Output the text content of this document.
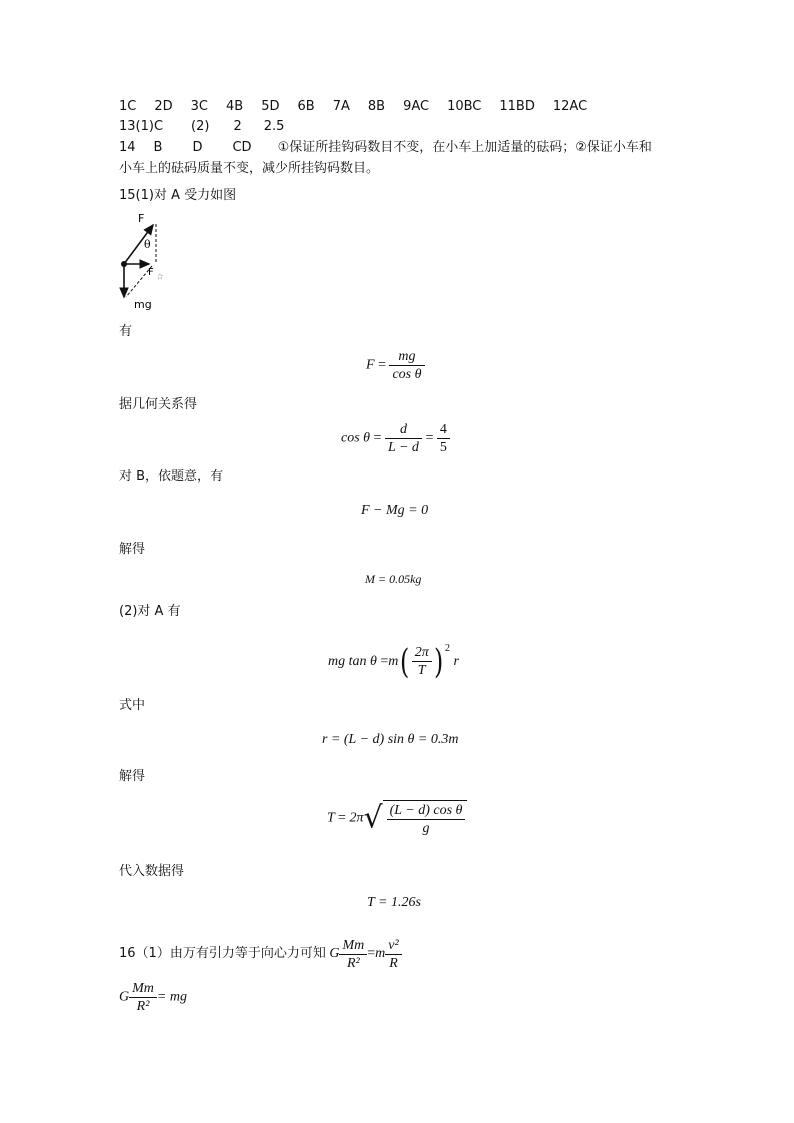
1C 2D 3C 4B 5D 6B 7A 8B 9AC 10BC 11BD 12AC
13(1)C (2) 2 2.5
14 B D CD ①保证所挂钩码数目不变，在小车上加适量的砝码；②保证小车和
小车上的砝码质量不变，减少所挂钩码数目。
15(1)对 A 受力如图
F
θ
F 合
mg
有
$F = \frac{mg}{\text{cos θ}}$
据几何关系得
$\cos \theta = \frac{d}{L - d} = \frac{4}{5}$
对 B，依题意，有
F − Mg = 0
解得
M = 0.05kg
(2)对 A 有
mg $\tan \theta =m( \frac{2\pi}{T}$ ) $^2$ r
式中
r = (L − d) sin θ = 0.3m
解得
$T = 2\pi√ \frac{\text{(L − d) cos θ}}{g}$
代入数据得
T = 1.26s
16（1）由万有引力等于向心力可知 G $\frac{Mm}{\text{R²}} =m \frac{\text{v²}}{R}$
G $\frac{Mm}{\text{R²}}$ = mg
